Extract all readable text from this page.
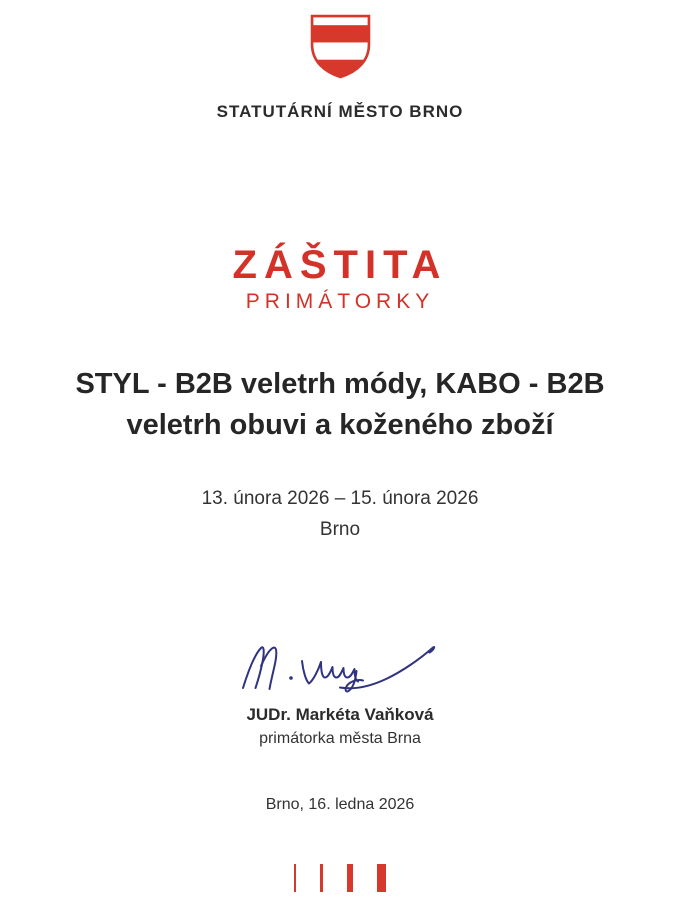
STATUTÁRNÍ MĚSTO BRNO
ZÁŠTITA
PRIMÁTORKY
STYL - B2B veletrh módy, KABO - B2B
veletrh obuvi a koženého zboží
13. února 2026 – 15. února 2026
Brno
JUDr. Markéta Vaňková
primátorka města Brna
Brno, 16. ledna 2026
